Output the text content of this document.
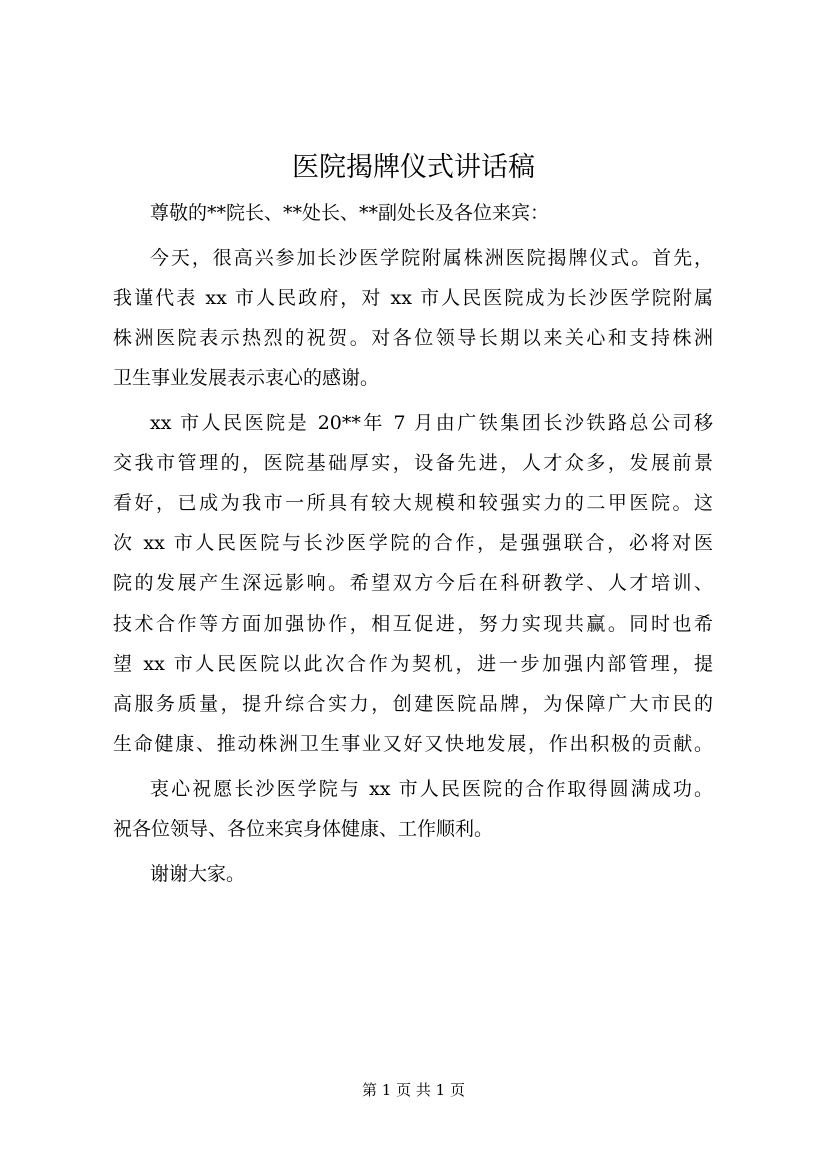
医院揭牌仪式讲话稿
尊敬的**院长、**处长、**副处长及各位来宾：
今天，很高兴参加长沙医学院附属株洲医院揭牌仪式。首先，
我谨代表 xx 市人民政府，对 xx 市人民医院成为长沙医学院附属
株洲医院表示热烈的祝贺。对各位领导长期以来关心和支持株洲
卫生事业发展表示衷心的感谢。
xx 市人民医院是 20**年 7 月由广铁集团长沙铁路总公司移
交我市管理的，医院基础厚实，设备先进，人才众多，发展前景
看好，已成为我市一所具有较大规模和较强实力的二甲医院。这
次 xx 市人民医院与长沙医学院的合作，是强强联合，必将对医
院的发展产生深远影响。希望双方今后在科研教学、人才培训、
技术合作等方面加强协作，相互促进，努力实现共赢。同时也希
望 xx 市人民医院以此次合作为契机，进一步加强内部管理，提
高服务质量，提升综合实力，创建医院品牌，为保障广大市民的
生命健康、推动株洲卫生事业又好又快地发展，作出积极的贡献。
衷心祝愿长沙医学院与 xx 市人民医院的合作取得圆满成功。
祝各位领导、各位来宾身体健康、工作顺利。
谢谢大家。
第 1 页 共 1 页
